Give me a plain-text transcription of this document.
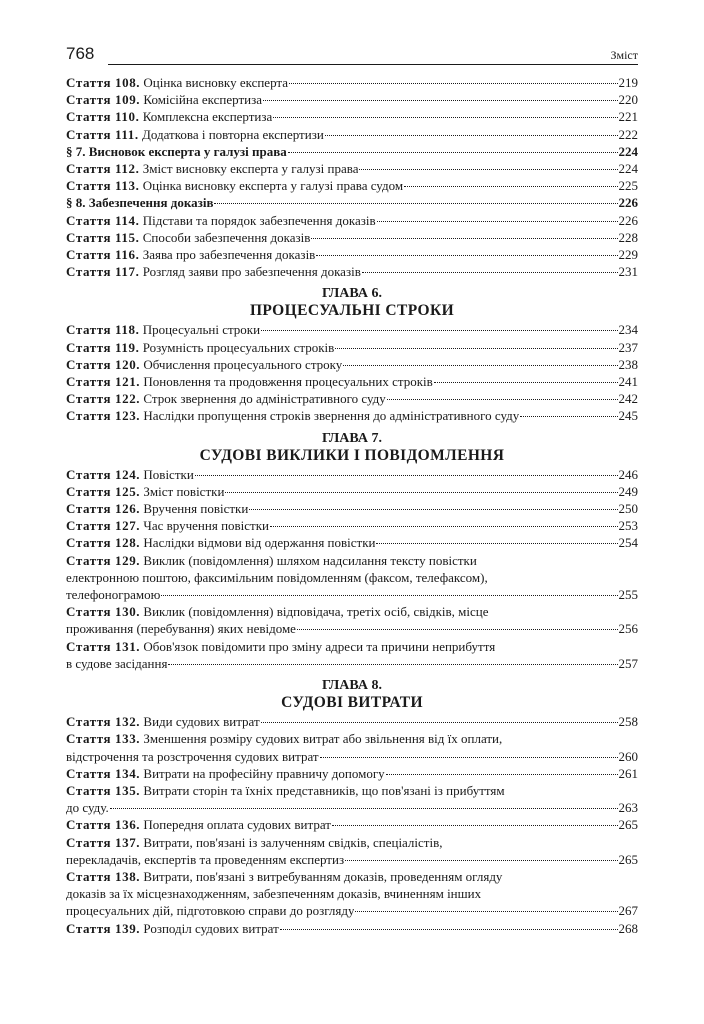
768	Зміст
Стаття 108. Оцінка висновку експерта	219
Стаття 109. Комісійна експертиза	220
Стаття 110. Комплексна експертиза	221
Стаття 111. Додаткова і повторна експертизи	222
§ 7. Висновок експерта у галузі права	224
Стаття 112. Зміст висновку експерта у галузі права	224
Стаття 113. Оцінка висновку експерта у галузі права судом	225
§ 8. Забезпечення доказів	226
Стаття 114. Підстави та порядок забезпечення доказів	226
Стаття 115. Способи забезпечення доказів	228
Стаття 116. Заява про забезпечення доказів	229
Стаття 117. Розгляд заяви про забезпечення доказів	231
ГЛАВА 6.
ПРОЦЕСУАЛЬНІ СТРОКИ
Стаття 118. Процесуальні строки	234
Стаття 119. Розумність процесуальних строків	237
Стаття 120. Обчислення процесуального строку	238
Стаття 121. Поновлення та продовження процесуальних строків	241
Стаття 122. Строк звернення до адміністративного суду	242
Стаття 123. Наслідки пропущення строків звернення до адміністративного суду	245
ГЛАВА 7.
СУДОВІ ВИКЛИКИ І ПОВІДОМЛЕННЯ
Стаття 124. Повістки	246
Стаття 125. Зміст повістки	249
Стаття 126. Вручення повістки	250
Стаття 127. Час вручення повістки	253
Стаття 128. Наслідки відмови від одержання повістки	254
Стаття 129. Виклик (повідомлення) шляхом надсилання тексту повістки
електронною поштою, факсимільним повідомленням (факсом, телефаксом),
телефонограмою	255
Стаття 130. Виклик (повідомлення) відповідача, третіх осіб, свідків, місце
проживання (перебування) яких невідоме	256
Стаття 131. Обов'язок повідомити про зміну адреси та причини неприбуття
в судове засідання	257
ГЛАВА 8.
СУДОВІ ВИТРАТИ
Стаття 132. Види судових витрат	258
Стаття 133. Зменшення розміру судових витрат або звільнення від їх оплати,
відстрочення та розстрочення судових витрат	260
Стаття 134. Витрати на професійну правничу допомогу	261
Стаття 135. Витрати сторін та їхніх представників, що пов'язані із прибуттям
до суду.	263
Стаття 136. Попередня оплата судових витрат	265
Стаття 137. Витрати, пов'язані із залученням свідків, спеціалістів,
перекладачів, експертів та проведенням експертиз	265
Стаття 138. Витрати, пов'язані з витребуванням доказів, проведенням огляду
доказів за їх місцезнаходженням, забезпеченням доказів, вчиненням інших
процесуальних дій, підготовкою справи до розгляду	267
Стаття 139. Розподіл судових витрат	268
